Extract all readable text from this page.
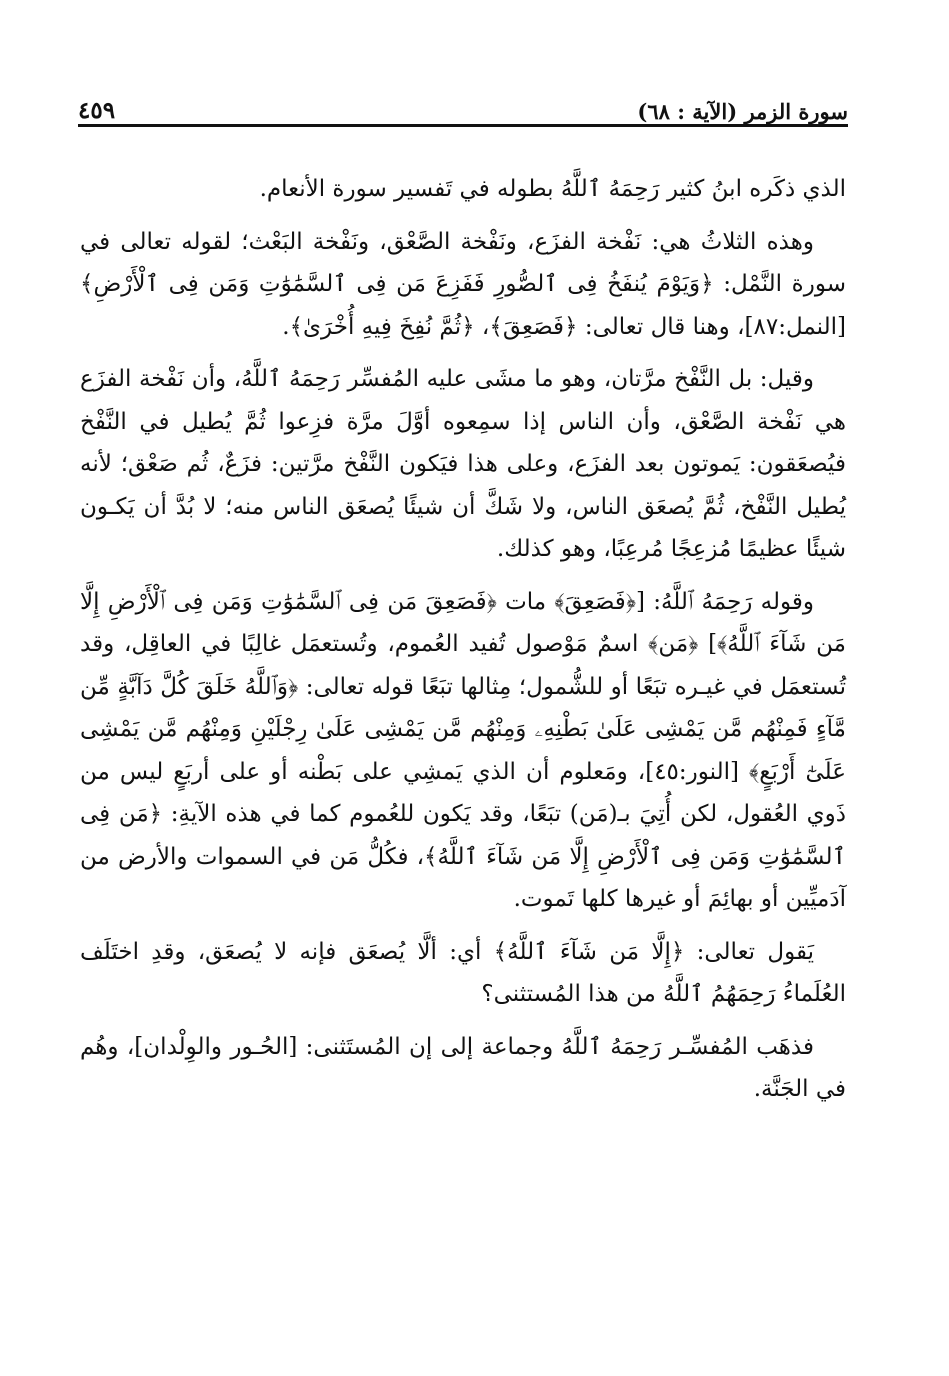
سورة الزمر (الآية : ٦٨)
٤٥٩

الذي ذكَره ابنُ كثير رَحِمَهُ ٱللَّهُ بطوله في تَفسير سورة الأنعام.

وهذه الثلاثُ هي: نَفْخة الفزَع، ونَفْخة الصَّعْق، ونَفْخة البَعْث؛ لقوله تعالى في سورة النَّمْل: ﴿وَيَوْمَ يُنفَخُ فِى ٱلصُّورِ فَفَزِعَ مَن فِى ٱلسَّمَٰوَٰتِ وَمَن فِى ٱلْأَرْضِ﴾ [النمل:٨٧]، وهنا قال تعالى: ﴿فَصَعِقَ﴾، ﴿ثُمَّ نُفِخَ فِيهِ أُخْرَىٰ﴾.

وقيل: بل النَّفْخ مرَّتان، وهو ما مشَى عليه المُفسِّر رَحِمَهُ ٱللَّهُ، وأن نَفْخة الفزَع هي نَفْخة الصَّعْق، وأن الناس إذا سمِعوه أوَّلَ مرَّة فزِعوا ثُمَّ يُطيل في النَّفْخ فيُصعَقون: يَموتون بعد الفزَع، وعلى هذا فيَكون النَّفْخ مرَّتين: فزَعٌ، ثُم صَعْق؛ لأنه يُطيل النَّفْخ، ثُمَّ يُصعَق الناس، ولا شَكَّ أن شيئًا يُصعَق الناس منه؛ لا بُدَّ أن يَكـون شيئًا عظيمًا مُزعِجًا مُرعِبًا، وهو كذلك.

وقوله رَحِمَهُ ٱللَّهُ: [﴿فَصَعِقَ﴾ مات ﴿فَصَعِقَ مَن فِى ٱلسَّمَٰوَٰتِ وَمَن فِى ٱلْأَرْضِ إِلَّا مَن شَآءَ ٱللَّهُ﴾] ﴿مَن﴾ اسمٌ مَوْصول تُفيد العُموم، وتُستعمَل غالِبًا في العاقِل، وقد تُستعمَل في غيـره تبَعًا أو للشُّمول؛ مِثالها تبَعًا قوله تعالى: ﴿وَٱللَّهُ خَلَقَ كُلَّ دَآبَّةٍ مِّن مَّآءٍ فَمِنْهُم مَّن يَمْشِى عَلَىٰ بَطْنِهِۦ وَمِنْهُم مَّن يَمْشِى عَلَىٰ رِجْلَيْنِ وَمِنْهُم مَّن يَمْشِى عَلَىٰٓ أَرْبَعٍ﴾ [النور:٤٥]، ومَعلوم أن الذي يَمشِي على بَطْنه أو على أربَعٍ ليس من ذَوي العُقول، لكن أُتِيَ بـ(مَن) تبَعًا، وقد يَكون للعُموم كما في هذه الآيةِ: ﴿مَن فِى ٱلسَّمَٰوَٰتِ وَمَن فِى ٱلْأَرْضِ إِلَّا مَن شَآءَ ٱللَّهُ﴾، فكُلُّ مَن في السموات والأرض من آدَميِّين أو بهائِمَ أو غيرها كلها تَموت.

يَقول تعالى: ﴿إِلَّا مَن شَآءَ ٱللَّهُ﴾ أي: ألَّا يُصعَق فإنه لا يُصعَق، وقدِ اختَلَف العُلَماءُ رَحِمَهُمُ ٱللَّهُ من هذا المُستثنى؟

فذهَب المُفسِّـر رَحِمَهُ ٱللَّهُ وجماعة إلى إن المُستَثنى: [الحُـور والوِلْدان]، وهُم في الجَنَّة.
